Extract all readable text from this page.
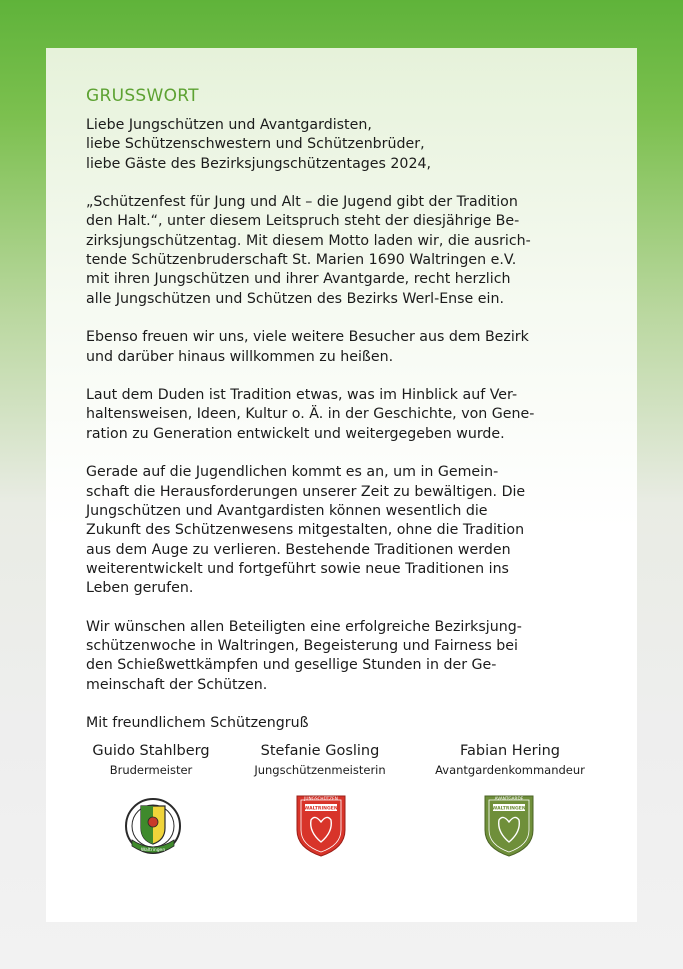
GRUSSWORT

Liebe Jungschützen und Avantgardisten,
liebe Schützenschwestern und Schützenbrüder,
liebe Gäste des Bezirksjungschützentages 2024,

„Schützenfest für Jung und Alt – die Jugend gibt der Tradition
den Halt.“, unter diesem Leitspruch steht der diesjährige Be-
zirksjungschützentag. Mit diesem Motto laden wir, die ausrich-
tende Schützenbruderschaft St. Marien 1690 Waltringen e.V.
mit ihren Jungschützen und ihrer Avantgarde, recht herzlich
alle Jungschützen und Schützen des Bezirks Werl-Ense ein.

Ebenso freuen wir uns, viele weitere Besucher aus dem Bezirk
und darüber hinaus willkommen zu heißen.

Laut dem Duden ist Tradition etwas, was im Hinblick auf Ver-
haltensweisen, Ideen, Kultur o. Ä. in der Geschichte, von Gene-
ration zu Generation entwickelt und weitergegeben wurde.

Gerade auf die Jugendlichen kommt es an, um in Gemein-
schaft die Herausforderungen unserer Zeit zu bewältigen. Die
Jungschützen und Avantgardisten können wesentlich die
Zukunft des Schützenwesens mitgestalten, ohne die Tradition
aus dem Auge zu verlieren. Bestehende Traditionen werden
weiterentwickelt und fortgeführt sowie neue Traditionen ins
Leben gerufen.

Wir wünschen allen Beteiligten eine erfolgreiche Bezirksjung-
schützenwoche in Waltringen, Begeisterung und Fairness bei
den Schießwettkämpfen und gesellige Stunden in der Ge-
meinschaft der Schützen.

Mit freundlichem Schützengruß

Guido Stahlberg
Brudermeister
Stefanie Gosling
Jungschützenmeisterin
Fabian Hering
Avantgardenkommandeur
Waltringen
JUNGSCHÜTZEN
WALTRINGEN
AVANTGARDE
WALTRINGEN
